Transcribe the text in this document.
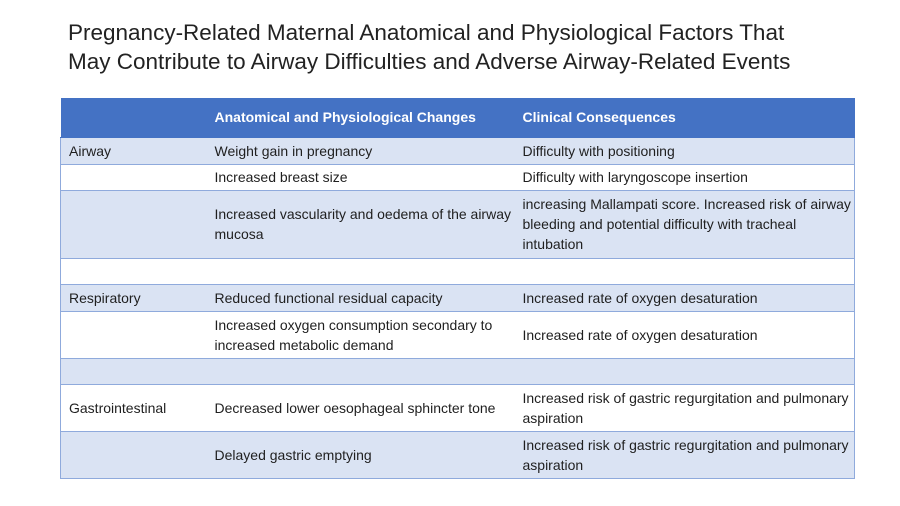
Pregnancy-Related Maternal Anatomical and Physiological Factors That
May Contribute to Airway Difficulties and Adverse Airway-Related Events
	Anatomical and Physiological Changes	Clinical Consequences
Airway	Weight gain in pregnancy	Difficulty with positioning
	Increased breast size	Difficulty with laryngoscope insertion
	Increased vascularity and oedema of the airway mucosa	increasing Mallampati score. Increased risk of airway bleeding and potential difficulty with tracheal intubation

Respiratory	Reduced functional residual capacity	Increased rate of oxygen desaturation
	Increased oxygen consumption secondary to increased metabolic demand	Increased rate of oxygen desaturation

Gastrointestinal	Decreased lower oesophageal sphincter tone	Increased risk of gastric regurgitation and pulmonary aspiration
	Delayed gastric emptying	Increased risk of gastric regurgitation and pulmonary aspiration
